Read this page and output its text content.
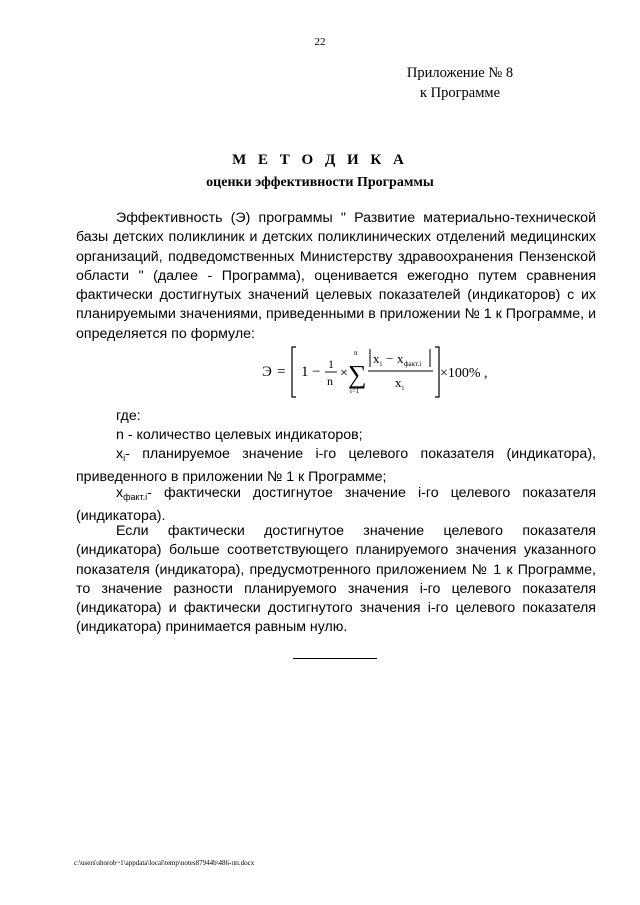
22
Приложение № 8
к Программе
М Е Т О Д И К А
оценки эффективности Программы
Эффективность (Э) программы " Развитие материально-технической базы детских поликлиник и детских поликлинических отделений медицинских организаций, подведомственных Министерству здравоохранения Пензенской области " (далее - Программа), оценивается ежегодно путем сравнения фактически достигнутых значений целевых показателей (индикаторов) с их планируемыми значениями, приведенными в приложении № 1 к Программе, и определяется по формуле:
Э = 1 − 1
n ×
n
∑
i=1
x i − x факт.i
x i
×100% ,
где:
n - количество целевых индикаторов;
$x_i-$ планируемое значение i-го целевого показателя (индикатора), приведенного в приложении № 1 к Программе;
$x_{факт.i}-$ фактически достигнутое значение i-го целевого показателя (индикатора).
Если фактически достигнутое значение целевого показателя (индикатора) больше соответствующего планируемого значения указанного показателя (индикатора), предусмотренного приложением № 1 к Программе, то значение разности планируемого значения i-го целевого показателя (индикатора) и фактически достигнутого значения i-го целевого показателя (индикатора) принимается равным нулю.
c:\users\shorob~1\appdata\local\temp\notes87944b\486-пп.docx
